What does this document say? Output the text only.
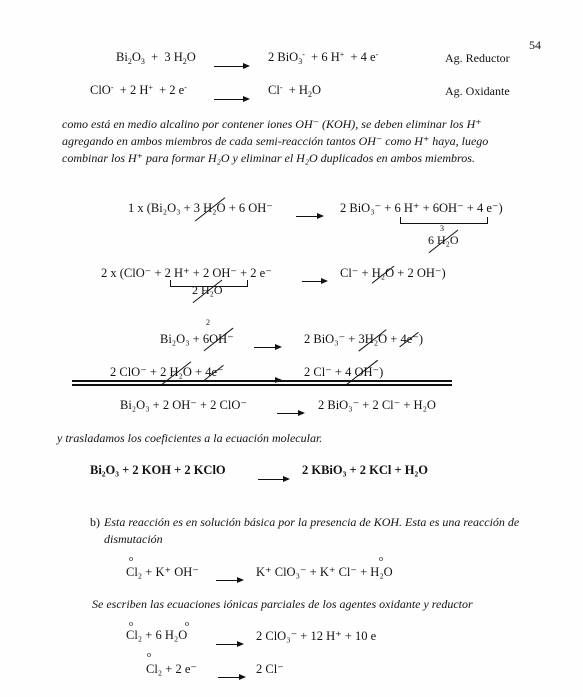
54
$Bi_2O_3 + 3$ $H_2O \to 2$ BiO$_3$- + 6 H+ + 4 e-	Ag. Reductor
ClO- + 2 H+ + 2 $e^- \to Cl^- + H_2O$	Ag. Oxidante
como está en medio alcalino por contener iones OH⁻ (KOH), se deben eliminar los H⁺
agregando en ambos miembros de cada semi-reacción tantos OH⁻ como H⁺ haya, luego
combinar los H⁺ para formar H₂O y eliminar el H₂O duplicados en ambos miembros.
1 x (Bi₂O₃ + 3 H₂O + 6 OH⁻ → 2 BiO₃⁻ + 6 H⁺ + 6OH⁻ + 4 e⁻)
3
6 H₂O
2 x (ClO⁻ + 2 H⁺ + 2 OH⁻ + 2 e⁻ → Cl⁻ + H₂O + 2 OH⁻)
2 H₂O
2
Bi₂O₃ + 6OH⁻ → 2 BiO₃⁻ + 3H₂O + 4e⁻)
2 ClO⁻ + 2 H₂O + 4e⁻ → 2 Cl⁻ + 4 OH⁻)
Bi₂O₃ + 2 OH⁻ + 2 ClO⁻ → 2 BiO₃⁻ + 2 Cl⁻ + H₂O
y trasladamos los coeficientes a la ecuación molecular.
Bi₂O₃ + 2 KOH + 2 KClO → 2 KBiO₃ + 2 KCl + H₂O
b) Esta reacción es en solución básica por la presencia de KOH. Esta es una reacción de
dismutación
o	o
Cl₂ + K⁺ OH⁻ → K⁺ ClO₃⁻ + K⁺ Cl⁻ + H₂O
Se escriben las ecuaciones iónicas parciales de los agentes oxidante y reductor
o	o
Cl₂ + 6 H₂O → 2 ClO₃⁻ + 12 H⁺ + 10 e
o
Cl₂ + 2 e⁻ → 2 Cl⁻
